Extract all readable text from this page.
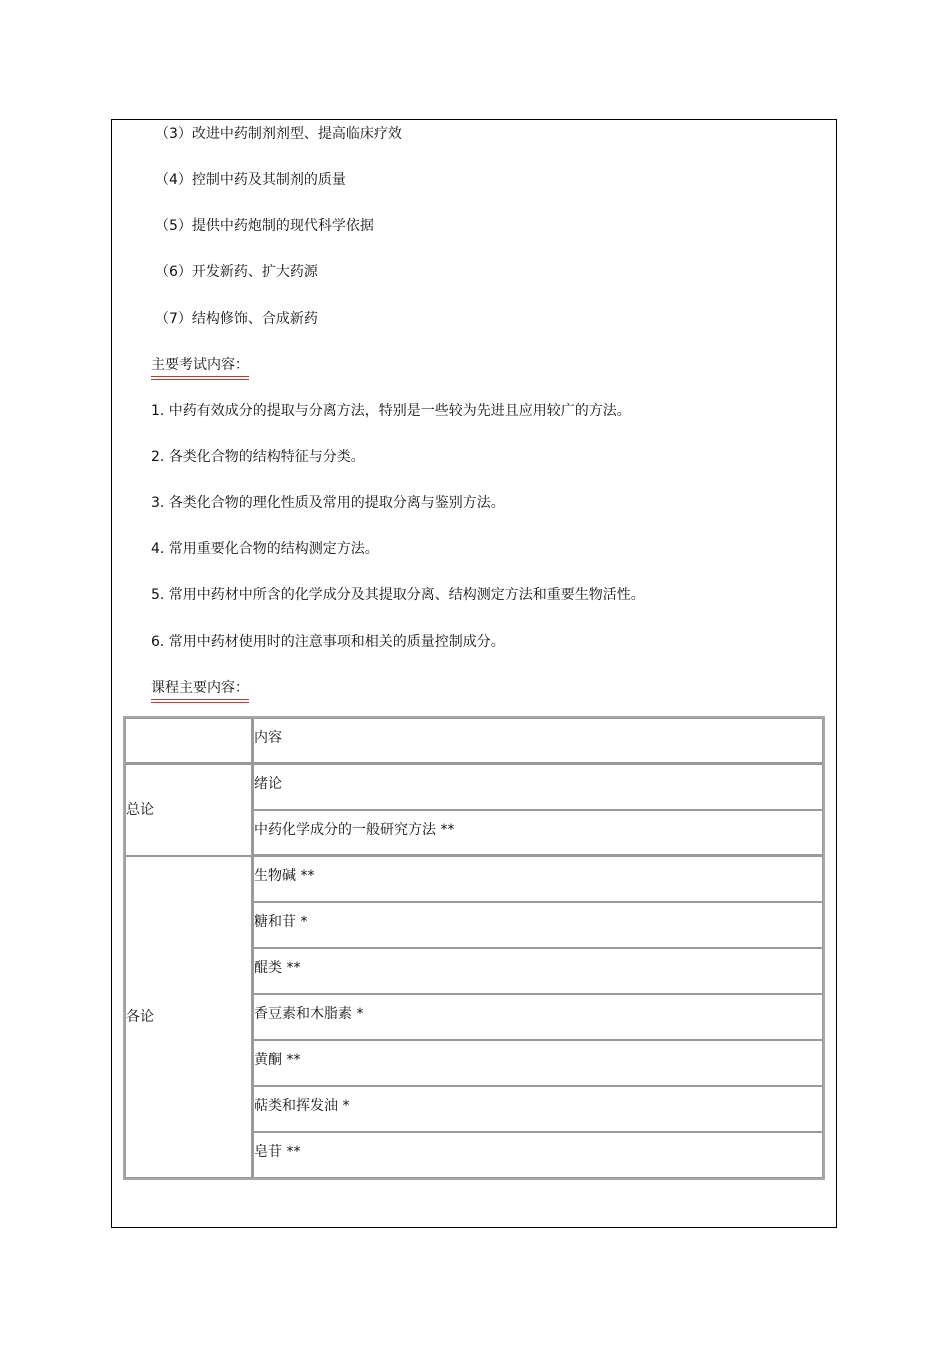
（3）改进中药制剂剂型、提高临床疗效
（4）控制中药及其制剂的质量
（5）提供中药炮制的现代科学依据
（6）开发新药、扩大药源
（7）结构修饰、合成新药
主要考试内容：
1. 中药有效成分的提取与分离方法，特别是一些较为先进且应用较广的方法。
2. 各类化合物的结构特征与分类。
3. 各类化合物的理化性质及常用的提取分离与鉴别方法。
4. 常用重要化合物的结构测定方法。
5. 常用中药材中所含的化学成分及其提取分离、结构测定方法和重要生物活性。
6. 常用中药材使用时的注意事项和相关的质量控制成分。
课程主要内容：
	内容
总论	绪论
	中药化学成分的一般研究方法 **
各论	生物碱 **
	糖和苷 *
	醌类 **
	香豆素和木脂素 *
	黄酮 **
	萜类和挥发油 *
	皂苷 **
